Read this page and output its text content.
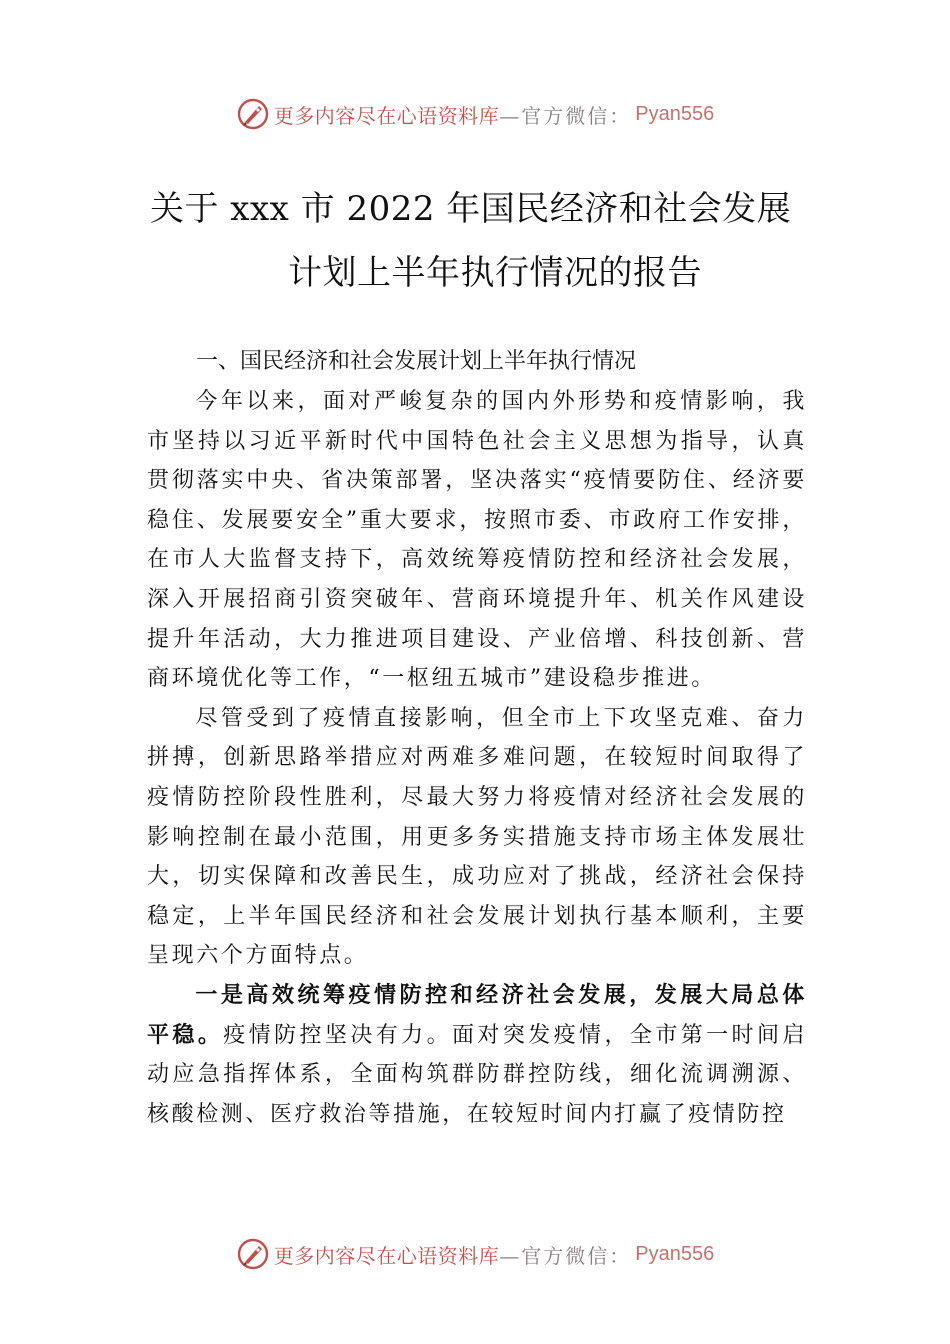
更多内容尽在心语资料库 —官方微信： Pyan556
关于 xxx 市 2022 年国民经济和社会发展
计划上半年执行情况的报告

一、国民经济和社会发展计划上半年执行情况

今年以来，面对严峻复杂的国内外形势和疫情影响，我市坚持以习近平新时代中国特色社会主义思想为指导，认真贯彻落实中央、省决策部署，坚决落实“疫情要防住、经济要稳住、发展要安全”重大要求，按照市委、市政府工作安排，在市人大监督支持下，高效统筹疫情防控和经济社会发展，深入开展招商引资突破年、营商环境提升年、机关作风建设提升年活动，大力推进项目建设、产业倍增、科技创新、营商环境优化等工作，“一枢纽五城市”建设稳步推进。

尽管受到了疫情直接影响，但全市上下攻坚克难、奋力拼搏，创新思路举措应对两难多难问题，在较短时间取得了疫情防控阶段性胜利，尽最大努力将疫情对经济社会发展的影响控制在最小范围，用更多务实措施支持市场主体发展壮大，切实保障和改善民生，成功应对了挑战，经济社会保持稳定，上半年国民经济和社会发展计划执行基本顺利，主要呈现六个方面特点。

一是高效统筹疫情防控和经济社会发展，发展大局总体平稳。疫情防控坚决有力。面对突发疫情，全市第一时间启动应急指挥体系，全面构筑群防群控防线，细化流调溯源、核酸检测、医疗救治等措施，在较短时间内打赢了疫情防控

更多内容尽在心语资料库 —官方微信： Pyan556
